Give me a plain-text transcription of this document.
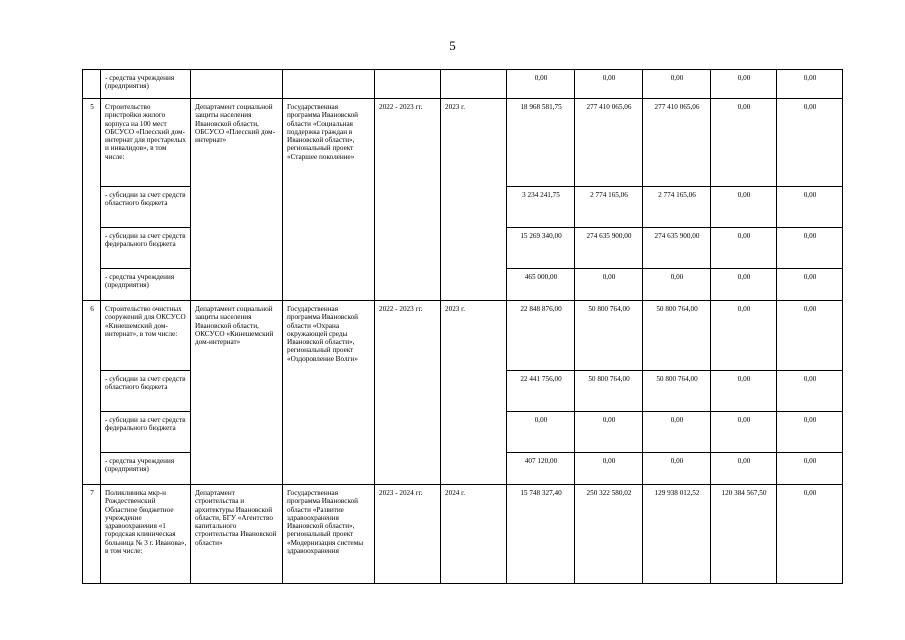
5
	- средства учреждения (предприятия)					0,00	0,00	0,00	0,00	0,00
5	Строительство пристройки жилого корпуса на 100 мест ОБСУСО «Плесский дом-интернат для престарелых и инвалидов», в том числе:	Департамент социальной защиты населения Ивановской области, ОБСУСО «Плесский дом-интернат»	Государственная программа Ивановской области «Социальная поддержка граждан в Ивановской области», региональный проект «Старшее поколение»	2022 - 2023 гг.	2023 г.	18 968 581,75	277 410 065,06	277 410 065,06	0,00	0,00
	- субсидии за счет средств областного бюджета					3 234 241,75	2 774 165,06	2 774 165,06	0,00	0,00
	- субсидии за счет средств федерального бюджета					15 269 340,00	274 635 900,00	274 635 900,00	0,00	0,00
	- средства учреждения (предприятия)					465 000,00	0,00	0,00	0,00	0,00
6	Строительство очистных сооружений для ОКСУСО «Кинешемский дом-интернат», в том числе:	Департамент социальной защиты населения Ивановской области, ОКСУСО «Кинешемский дом-интернат»	Государственная программа Ивановской области «Охрана окружающей среды Ивановской области», региональный проект «Оздоровление Волги»	2022 - 2023 гг.	2023 г.	22 848 876,00	50 800 764,00	50 800 764,00	0,00	0,00
	- субсидии за счет средств областного бюджета					22 441 756,00	50 800 764,00	50 800 764,00	0,00	0,00
	- субсидии за счет средств федерального бюджета					0,00	0,00	0,00	0,00	0,00
	- средства учреждения (предприятия)					407 120,00	0,00	0,00	0,00	0,00
7	Поликлиника мкр-н Рождественский Областное бюджетное учреждение здравоохранения «1 городская клиническая больница № 3 г. Иванова», в том числе:	Департамент строительства и архитектуры Ивановской области, БГУ «Агентство капитального строительства Ивановской области»	Государственная программа Ивановской области «Развитие здравоохранения Ивановской области», региональный проект «Модернизация системы здравоохранения	2023 - 2024 гг.	2024 г.	15 748 327,40	250 322 580,02	129 938 012,52	120 384 567,50	0,00
